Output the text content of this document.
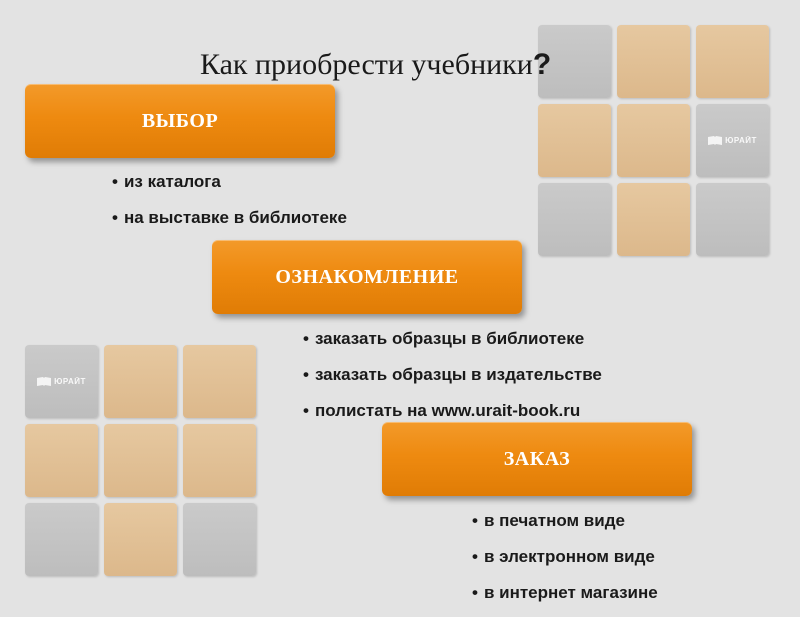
ЮРАЙТ
ЮРАЙТ
Как приобрести учебники?
ВЫБОР
• из каталога
• на выставке в библиотеке
ОЗНАКОМЛЕНИЕ
• заказать образцы в библиотеке
• заказать образцы в издательстве
• полистать на www.urait-book.ru
ЗАКАЗ
• в печатном виде
• в электронном виде
• в интернет магазине
